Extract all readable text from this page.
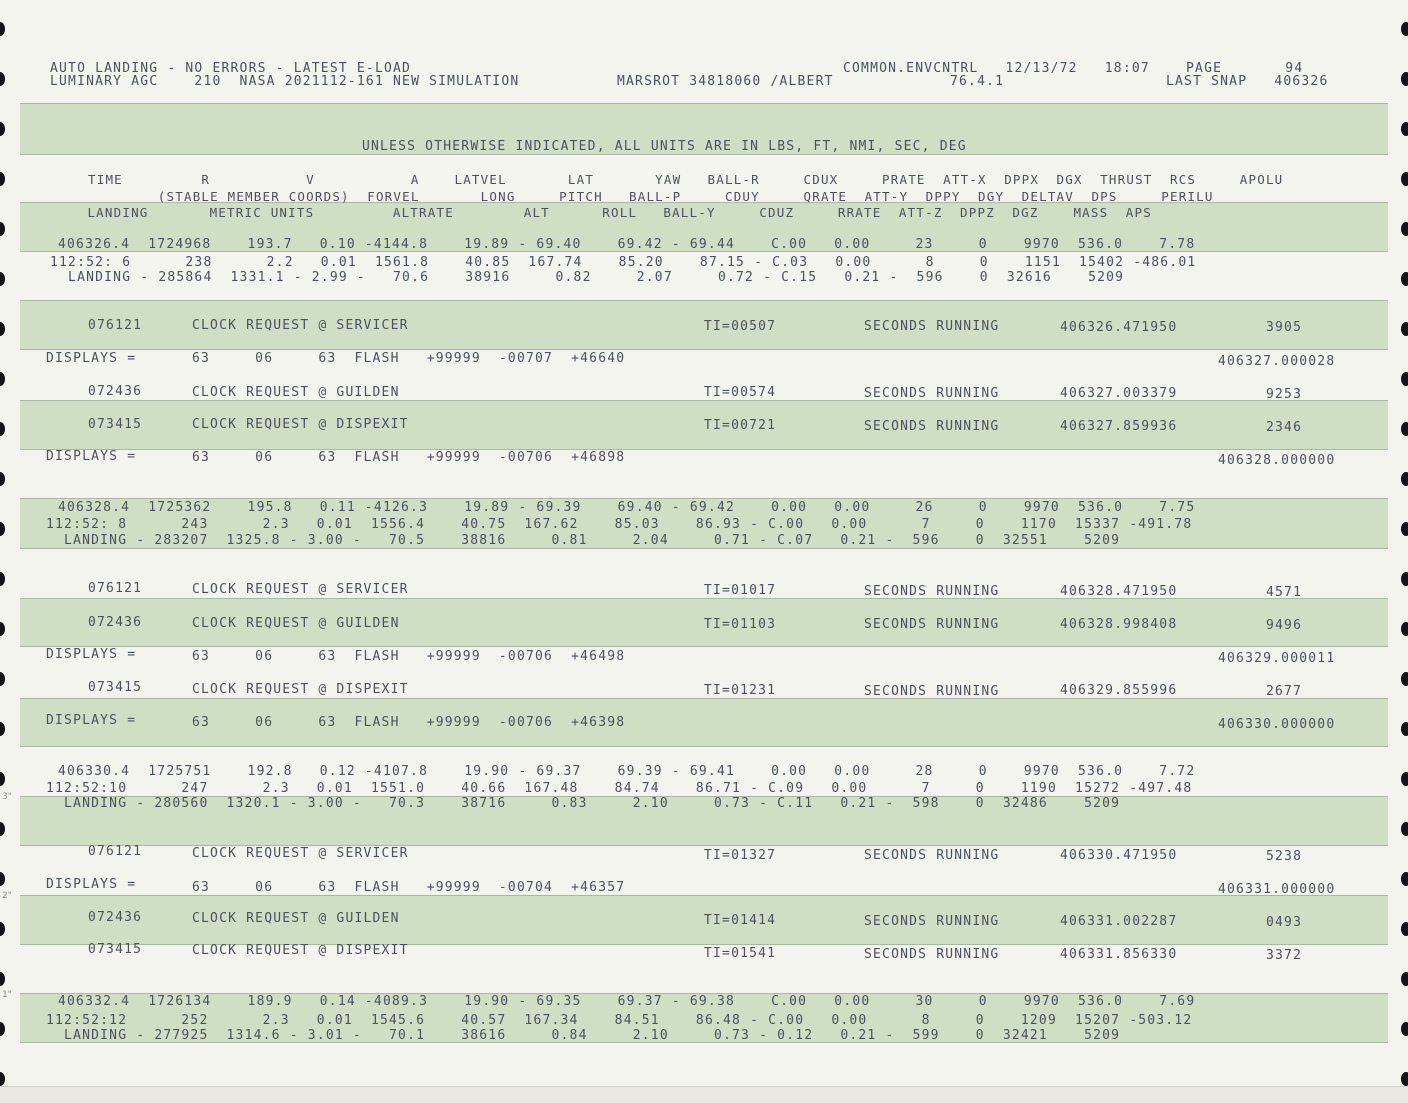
AUTO LANDING - NO ERRORS - LATEST E-LOAD	COMMON.ENVCNTRL   12/13/72   18:07    PAGE       94
LUMINARY AGC    210  NASA 2021112-161 NEW SIMULATION	MARSROT 34818060 /ALBERT	76.4.1	LAST SNAP   406326
UNLESS OTHERWISE INDICATED, ALL UNITS ARE IN LBS, FT, NMI, SEC, DEG
TIME         R           V           A    LATVEL       LAT       YAW   BALL-R     CDUX     PRATE  ATT-X  DPPX  DGX  THRUST  RCS     APOLU
(STABLE MEMBER COORDS)  FORVEL       LONG     PITCH   BALL-P     CDUY     QRATE  ATT-Y  DPPY  DGY  DELTAV  DPS     PERILU
LANDING       METRIC UNITS         ALTRATE        ALT      ROLL   BALL-Y     CDUZ     RRATE  ATT-Z  DPPZ  DGZ    MASS  APS
406326.4  1724968    193.7   0.10 -4144.8    19.89 - 69.40    69.42 - 69.44    C.00   0.00     23     0    9970  536.0    7.78
112:52: 6      238      2.2   0.01  1561.8    40.85  167.74    85.20    87.15 - C.03   0.00      8     0    1151  15402 -486.01
LANDING - 285864  1331.1 - 2.99 -   70.6    38916     0.82     2.07     0.72 - C.15   0.21 -  596    0  32616    5209
076121	CLOCK REQUEST @ SERVICER	TI=00507	SECONDS RUNNING	406326.471950	3905
DISPLAYS =	63     06     63  FLASH   +99999  -00707  +46640	406327.000028
072436	CLOCK REQUEST @ GUILDEN	TI=00574	SECONDS RUNNING	406327.003379	9253
073415	CLOCK REQUEST @ DISPEXIT	TI=00721	SECONDS RUNNING	406327.859936	2346
DISPLAYS =	63     06     63  FLASH   +99999  -00706  +46898	406328.000000
406328.4  1725362    195.8   0.11 -4126.3    19.89 - 69.39    69.40 - 69.42    0.00   0.00     26     0    9970  536.0    7.75
112:52: 8      243      2.3   0.01  1556.4    40.75  167.62    85.03    86.93 - C.00   0.00      7     0    1170  15337 -491.78
LANDING - 283207  1325.8 - 3.00 -   70.5    38816     0.81     2.04     0.71 - C.07   0.21 -  596    0  32551    5209
076121	CLOCK REQUEST @ SERVICER	TI=01017	SECONDS RUNNING	406328.471950	4571
072436	CLOCK REQUEST @ GUILDEN	TI=01103	SECONDS RUNNING	406328.998408	9496
DISPLAYS =	63     06     63  FLASH   +99999  -00706  +46498	406329.000011
073415	CLOCK REQUEST @ DISPEXIT	TI=01231	SECONDS RUNNING	406329.855996	2677
DISPLAYS =	63     06     63  FLASH   +99999  -00706  +46398	406330.000000
406330.4  1725751    192.8   0.12 -4107.8    19.90 - 69.37    69.39 - 69.41    0.00   0.00     28     0    9970  536.0    7.72
112:52:10      247      2.3   0.01  1551.0    40.66  167.48    84.74    86.71 - C.09   0.00      7     0    1190  15272 -497.48
LANDING - 280560  1320.1 - 3.00 -   70.3    38716     0.83     2.10     0.73 - C.11   0.21 -  598    0  32486    5209
076121	CLOCK REQUEST @ SERVICER	TI=01327	SECONDS RUNNING	406330.471950	5238
DISPLAYS =	63     06     63  FLASH   +99999  -00704  +46357	406331.000000
072436	CLOCK REQUEST @ GUILDEN	TI=01414	SECONDS RUNNING	406331.002287	0493
073415	CLOCK REQUEST @ DISPEXIT	TI=01541	SECONDS RUNNING	406331.856330	3372
406332.4  1726134    189.9   0.14 -4089.3    19.90 - 69.35    69.37 - 69.38    C.00   0.00     30     0    9970  536.0    7.69
112:52:12      252      2.3   0.01  1545.6    40.57  167.34    84.51    86.48 - C.00   0.00      8     0    1209  15207 -503.12
LANDING - 277925  1314.6 - 3.01 -   70.1    38616     0.84     2.10     0.73 - 0.12   0.21 -  599    0  32421    5209
3"
2"
1"
